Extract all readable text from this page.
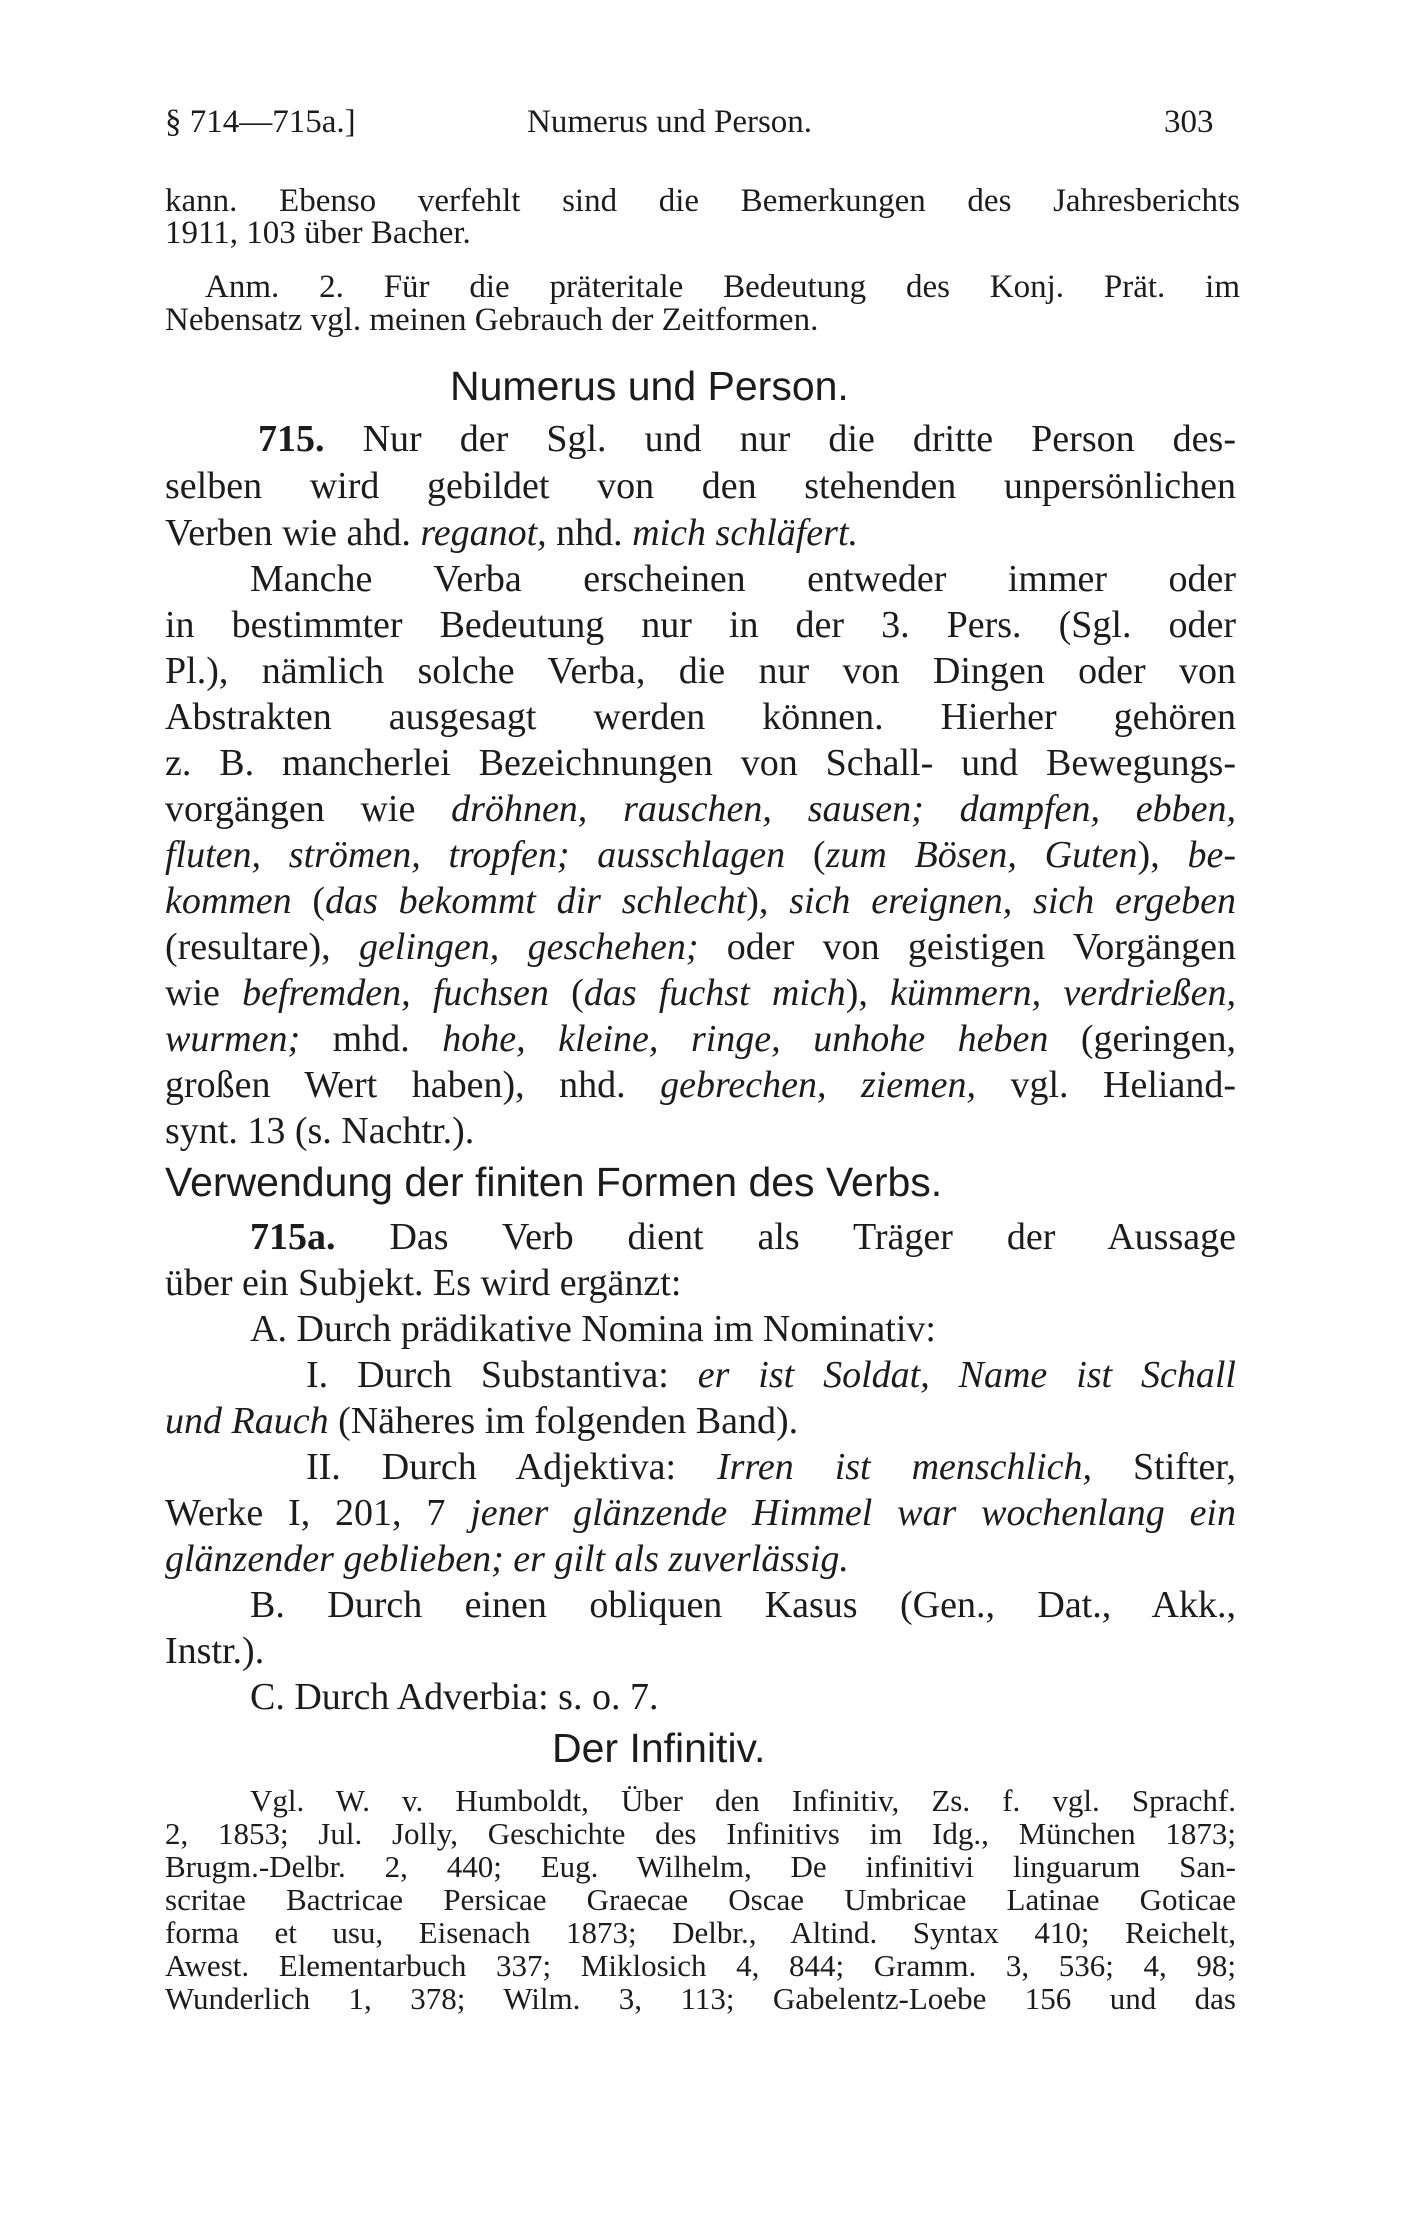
§ 714—715a.]	Numerus und Person.	303
kann. Ebenso verfehlt sind die Bemerkungen des Jahresberichts
1911, 103 über Bacher.
Anm. 2. Für die präteritale Bedeutung des Konj. Prät. im
Nebensatz vgl. meinen Gebrauch der Zeitformen.
Numerus und Person.
715. Nur der Sgl. und nur die dritte Person des-
selben wird gebildet von den stehenden unpersönlichen
Verben wie ahd. reganot, nhd. mich schläfert.
Manche Verba erscheinen entweder immer oder
in bestimmter Bedeutung nur in der 3. Pers. (Sgl. oder
Pl.), nämlich solche Verba, die nur von Dingen oder von
Abstrakten ausgesagt werden können. Hierher gehören
z. B. mancherlei Bezeichnungen von Schall- und Bewegungs-
vorgängen wie dröhnen, rauschen, sausen; dampfen, ebben,
fluten, strömen, tropfen; ausschlagen (zum Bösen, Guten), be-
kommen (das bekommt dir schlecht), sich ereignen, sich ergeben
(resultare), gelingen, geschehen; oder von geistigen Vorgängen
wie befremden, fuchsen (das fuchst mich), kümmern, verdrießen,
wurmen; mhd. hohe, kleine, ringe, unhohe heben (geringen,
großen Wert haben), nhd. gebrechen, ziemen, vgl. Heliand-
synt. 13 (s. Nachtr.).
Verwendung der finiten Formen des Verbs.
715a. Das Verb dient als Träger der Aussage
über ein Subjekt. Es wird ergänzt:
A. Durch prädikative Nomina im Nominativ:
I. Durch Substantiva: er ist Soldat, Name ist Schall
und Rauch (Näheres im folgenden Band).
II. Durch Adjektiva: Irren ist menschlich, Stifter,
Werke I, 201, 7 jener glänzende Himmel war wochenlang ein
glänzender geblieben; er gilt als zuverlässig.
B. Durch einen obliquen Kasus (Gen., Dat., Akk.,
Instr.).
C. Durch Adverbia: s. o. 7.
Der Infinitiv.
Vgl. W. v. Humboldt, Über den Infinitiv, Zs. f. vgl. Sprachf.
2, 1853; Jul. Jolly, Geschichte des Infinitivs im Idg., München 1873;
Brugm.-Delbr. 2, 440; Eug. Wilhelm, De infinitivi linguarum San-
scritae Bactricae Persicae Graecae Oscae Umbricae Latinae Goticae
forma et usu, Eisenach 1873; Delbr., Altind. Syntax 410; Reichelt,
Awest. Elementarbuch 337; Miklosich 4, 844; Gramm. 3, 536; 4, 98;
Wunderlich 1, 378; Wilm. 3, 113; Gabelentz-Loebe 156 und das
